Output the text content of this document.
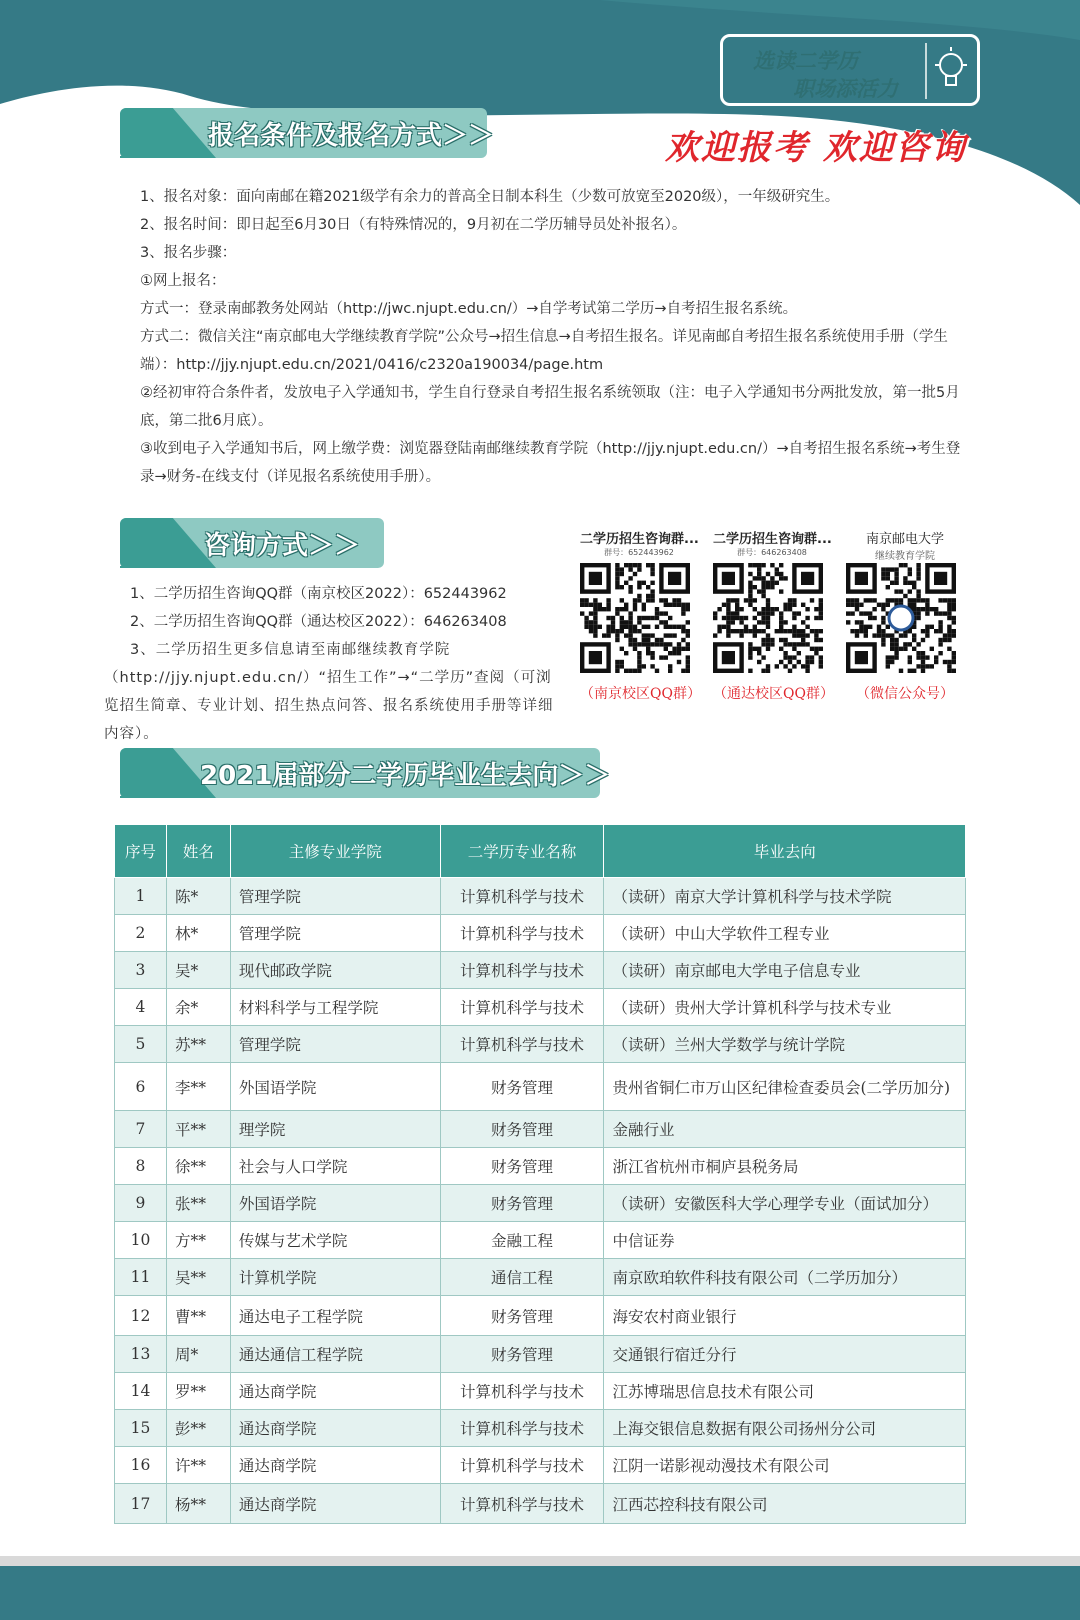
选读二学历
职场添活力
欢迎报考 欢迎咨询
报名条件及报名方式＞＞

1、报名对象：面向南邮在籍2021级学有余力的普高全日制本科生（少数可放宽至2020级），一年级研究生。

2、报名时间：即日起至6月30日（有特殊情况的，9月初在二学历辅导员处补报名）。

3、报名步骤：

①网上报名：

方式一：登录南邮教务处网站（http://jwc.njupt.edu.cn/）→自学考试第二学历→自考招生报名系统。

方式二：微信关注“南京邮电大学继续教育学院”公众号→招生信息→自考招生报名。详见南邮自考招生报名系统使用手册（学生端）：http://jjy.njupt.edu.cn/2021/0416/c2320a190034/page.htm

②经初审符合条件者，发放电子入学通知书，学生自行登录自考招生报名系统领取（注：电子入学通知书分两批发放，第一批5月底，第二批6月底）。

③收到电子入学通知书后，网上缴学费：浏览器登陆南邮继续教育学院（http://jjy.njupt.edu.cn/）→自考招生报名系统→考生登录→财务-在线支付（详见报名系统使用手册）。

咨询方式＞＞

1、二学历招生咨询QQ群（南京校区2022）：652443962

2、二学历招生咨询QQ群（通达校区2022）：646263408

3、二学历招生更多信息请至南邮继续教育学院（http://jjy.njupt.edu.cn/）“招生工作”→“二学历”查阅（可浏览招生简章、专业计划、招生热点问答、报名系统使用手册等详细内容）。

二学历招生咨询群...
群号：652443962
（南京校区QQ群）
二学历招生咨询群...
群号：646263408
（通达校区QQ群）
南京邮电大学
继续教育学院
（微信公众号）
2021届部分二学历毕业生去向＞＞
序号	姓名	主修专业学院	二学历专业名称	毕业去向
1	陈*	管理学院	计算机科学与技术	（读研）南京大学计算机科学与技术学院
2	林*	管理学院	计算机科学与技术	（读研）中山大学软件工程专业
3	吴*	现代邮政学院	计算机科学与技术	（读研）南京邮电大学电子信息专业
4	余*	材料科学与工程学院	计算机科学与技术	（读研）贵州大学计算机科学与技术专业
5	苏**	管理学院	计算机科学与技术	（读研）兰州大学数学与统计学院
6	李**	外国语学院	财务管理	贵州省铜仁市万山区纪律检查委员会(二学历加分)
7	平**	理学院	财务管理	金融行业
8	徐**	社会与人口学院	财务管理	浙江省杭州市桐庐县税务局
9	张**	外国语学院	财务管理	（读研）安徽医科大学心理学专业（面试加分）
10	方**	传媒与艺术学院	金融工程	中信证券
11	吴**	计算机学院	通信工程	南京欧珀软件科技有限公司（二学历加分）
12	曹**	通达电子工程学院	财务管理	海安农村商业银行
13	周*	通达通信工程学院	财务管理	交通银行宿迁分行
14	罗**	通达商学院	计算机科学与技术	江苏博瑞思信息技术有限公司
15	彭**	通达商学院	计算机科学与技术	上海交银信息数据有限公司扬州分公司
16	许**	通达商学院	计算机科学与技术	江阴一诺影视动漫技术有限公司
17	杨**	通达商学院	计算机科学与技术	江西芯控科技有限公司
